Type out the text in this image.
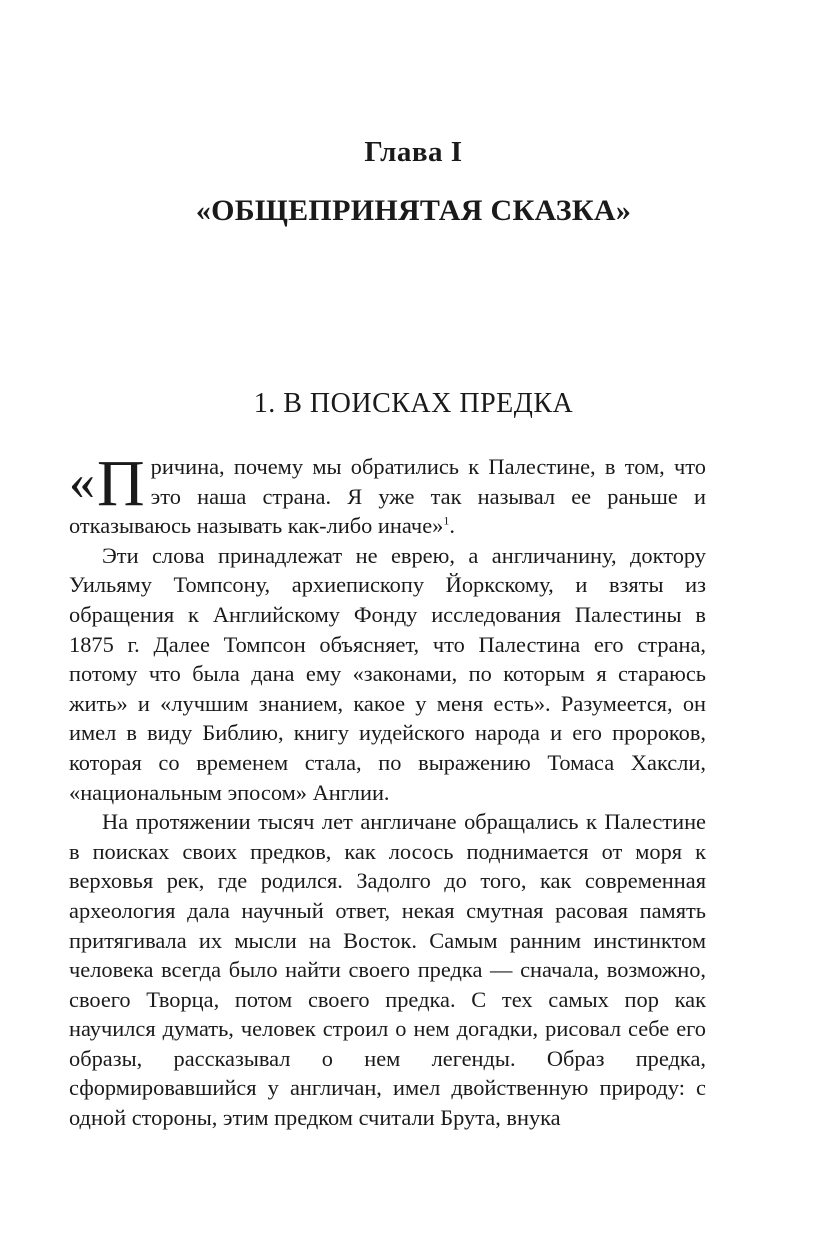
Глава I
«ОБЩЕПРИНЯТАЯ СКАЗКА»
1. В ПОИСКАХ ПРЕДКА

« П ричина, почему мы обратились к Палестине, в том, что это наша страна. Я уже так называл ее раньше и отказываюсь называть как-либо иначе»$^1$.

Эти слова принадлежат не еврею, а англичанину, доктору Уильяму Томпсону, архиепископу Йоркскому, и взяты из обращения к Английскому Фонду исследования Палестины в 1875 г. Далее Томпсон объясняет, что Палестина его страна, потому что была дана ему «законами, по которым я стараюсь жить» и «лучшим знанием, какое у меня есть». Разумеется, он имел в виду Библию, книгу иудейского народа и его пророков, которая со временем стала, по выражению Томаса Хаксли, «национальным эпосом» Англии.

На протяжении тысяч лет англичане обращались к Палестине в поисках своих предков, как лосось поднимается от моря к верховья рек, где родился. Задолго до того, как современная археология дала научный ответ, некая смутная расовая память притягивала их мысли на Восток. Самым ранним инстинктом человека всегда было найти своего предка — сначала, возможно, своего Творца, потом своего предка. С тех самых пор как научился думать, человек строил о нем догадки, рисовал себе его образы, рассказывал о нем легенды. Образ предка, сформировавшийся у англичан, имел двойственную природу: с одной стороны, этим предком считали Брута, внука
